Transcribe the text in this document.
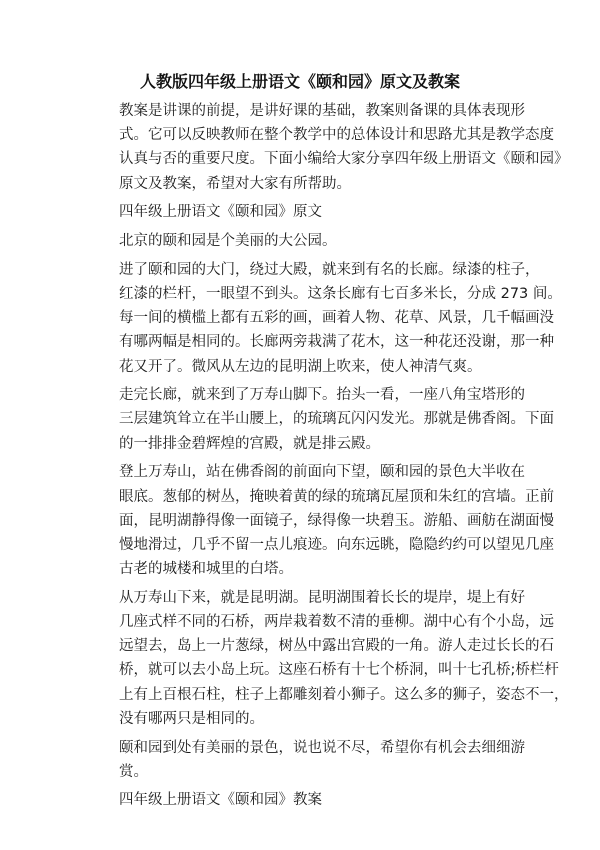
人教版四年级上册语文《颐和园》原文及教案

教案是讲课的前提，是讲好课的基础，教案则备课的具体表现形
式。它可以反映教师在整个教学中的总体设计和思路尤其是教学态度
认真与否的重要尺度。下面小编给大家分享四年级上册语文《颐和园》
原文及教案，希望对大家有所帮助。

四年级上册语文《颐和园》原文

北京的颐和园是个美丽的大公园。

进了颐和园的大门，绕过大殿，就来到有名的长廊。绿漆的柱子，
红漆的栏杆，一眼望不到头。这条长廊有七百多米长，分成 273 间。
每一间的横槛上都有五彩的画，画着人物、花草、风景，几千幅画没
有哪两幅是相同的。长廊两旁栽满了花木，这一种花还没谢，那一种
花又开了。微风从左边的昆明湖上吹来，使人神清气爽。

走完长廊，就来到了万寿山脚下。抬头一看，一座八角宝塔形的
三层建筑耸立在半山腰上，的琉璃瓦闪闪发光。那就是佛香阁。下面
的一排排金碧辉煌的宫殿，就是排云殿。

登上万寿山，站在佛香阁的前面向下望，颐和园的景色大半收在
眼底。葱郁的树丛，掩映着黄的绿的琉璃瓦屋顶和朱红的宫墙。正前
面，昆明湖静得像一面镜子，绿得像一块碧玉。游船、画舫在湖面慢
慢地滑过，几乎不留一点儿痕迹。向东远眺，隐隐约约可以望见几座
古老的城楼和城里的白塔。

从万寿山下来，就是昆明湖。昆明湖围着长长的堤岸，堤上有好
几座式样不同的石桥，两岸栽着数不清的垂柳。湖中心有个小岛，远
远望去，岛上一片葱绿，树丛中露出宫殿的一角。游人走过长长的石
桥，就可以去小岛上玩。这座石桥有十七个桥洞，叫十七孔桥;桥栏杆
上有上百根石柱，柱子上都雕刻着小狮子。这么多的狮子，姿态不一，
没有哪两只是相同的。

颐和园到处有美丽的景色，说也说不尽，希望你有机会去细细游
赏。

四年级上册语文《颐和园》教案
